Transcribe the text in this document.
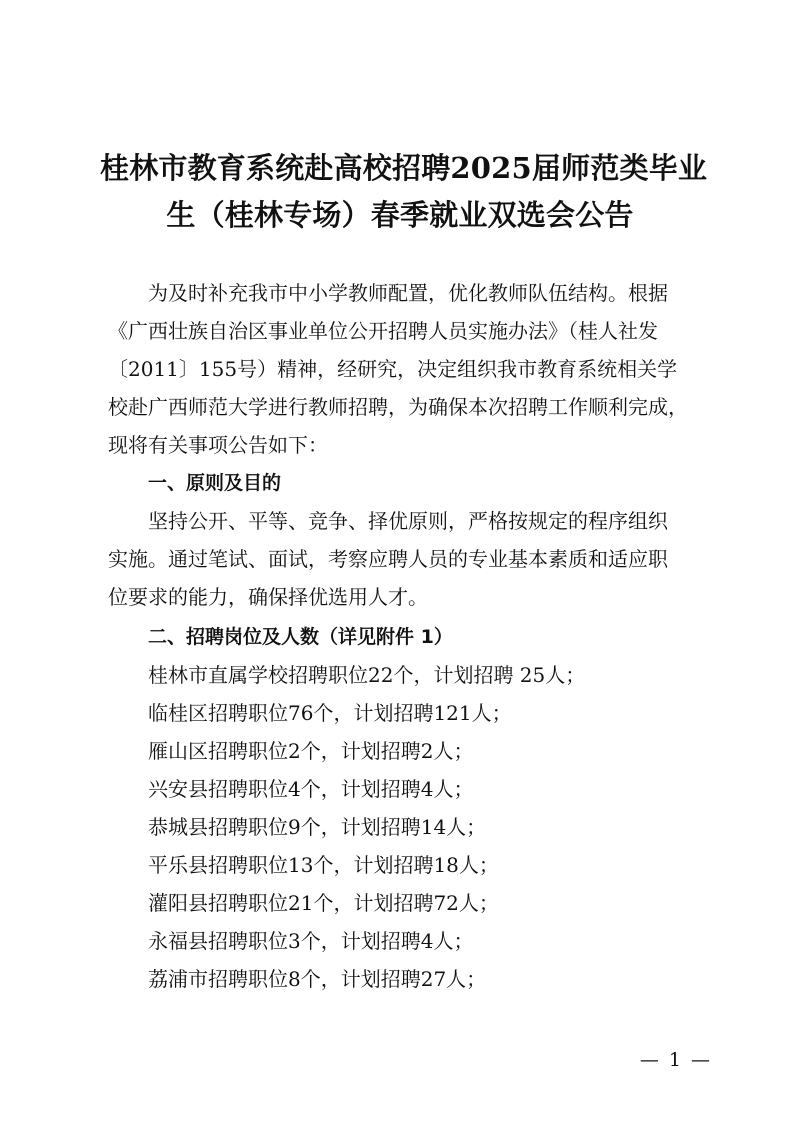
桂林市教育系统赴高校招聘2025届师范类毕业
生（桂林专场）春季就业双选会公告

为及时补充我市中小学教师配置，优化教师队伍结构。根据
《广西壮族自治区事业单位公开招聘人员实施办法》（桂人社发
〔2011〕155号）精神，经研究，决定组织我市教育系统相关学
校赴广西师范大学进行教师招聘，为确保本次招聘工作顺利完成，
现将有关事项公告如下：

一、原则及目的

坚持公开、平等、竞争、择优原则，严格按规定的程序组织
实施。通过笔试、面试，考察应聘人员的专业基本素质和适应职
位要求的能力，确保择优选用人才。

二、招聘岗位及人数（详见附件 1）
桂林市直属学校招聘职位22个，计划招聘 25人；
临桂区招聘职位76个，计划招聘121人；
雁山区招聘职位2个，计划招聘2人；
兴安县招聘职位4个，计划招聘4人；
恭城县招聘职位9个，计划招聘14人；
平乐县招聘职位13个，计划招聘18人；
灌阳县招聘职位21个，计划招聘72人；
永福县招聘职位3个，计划招聘4人；
荔浦市招聘职位8个，计划招聘27人；
— 1 —
